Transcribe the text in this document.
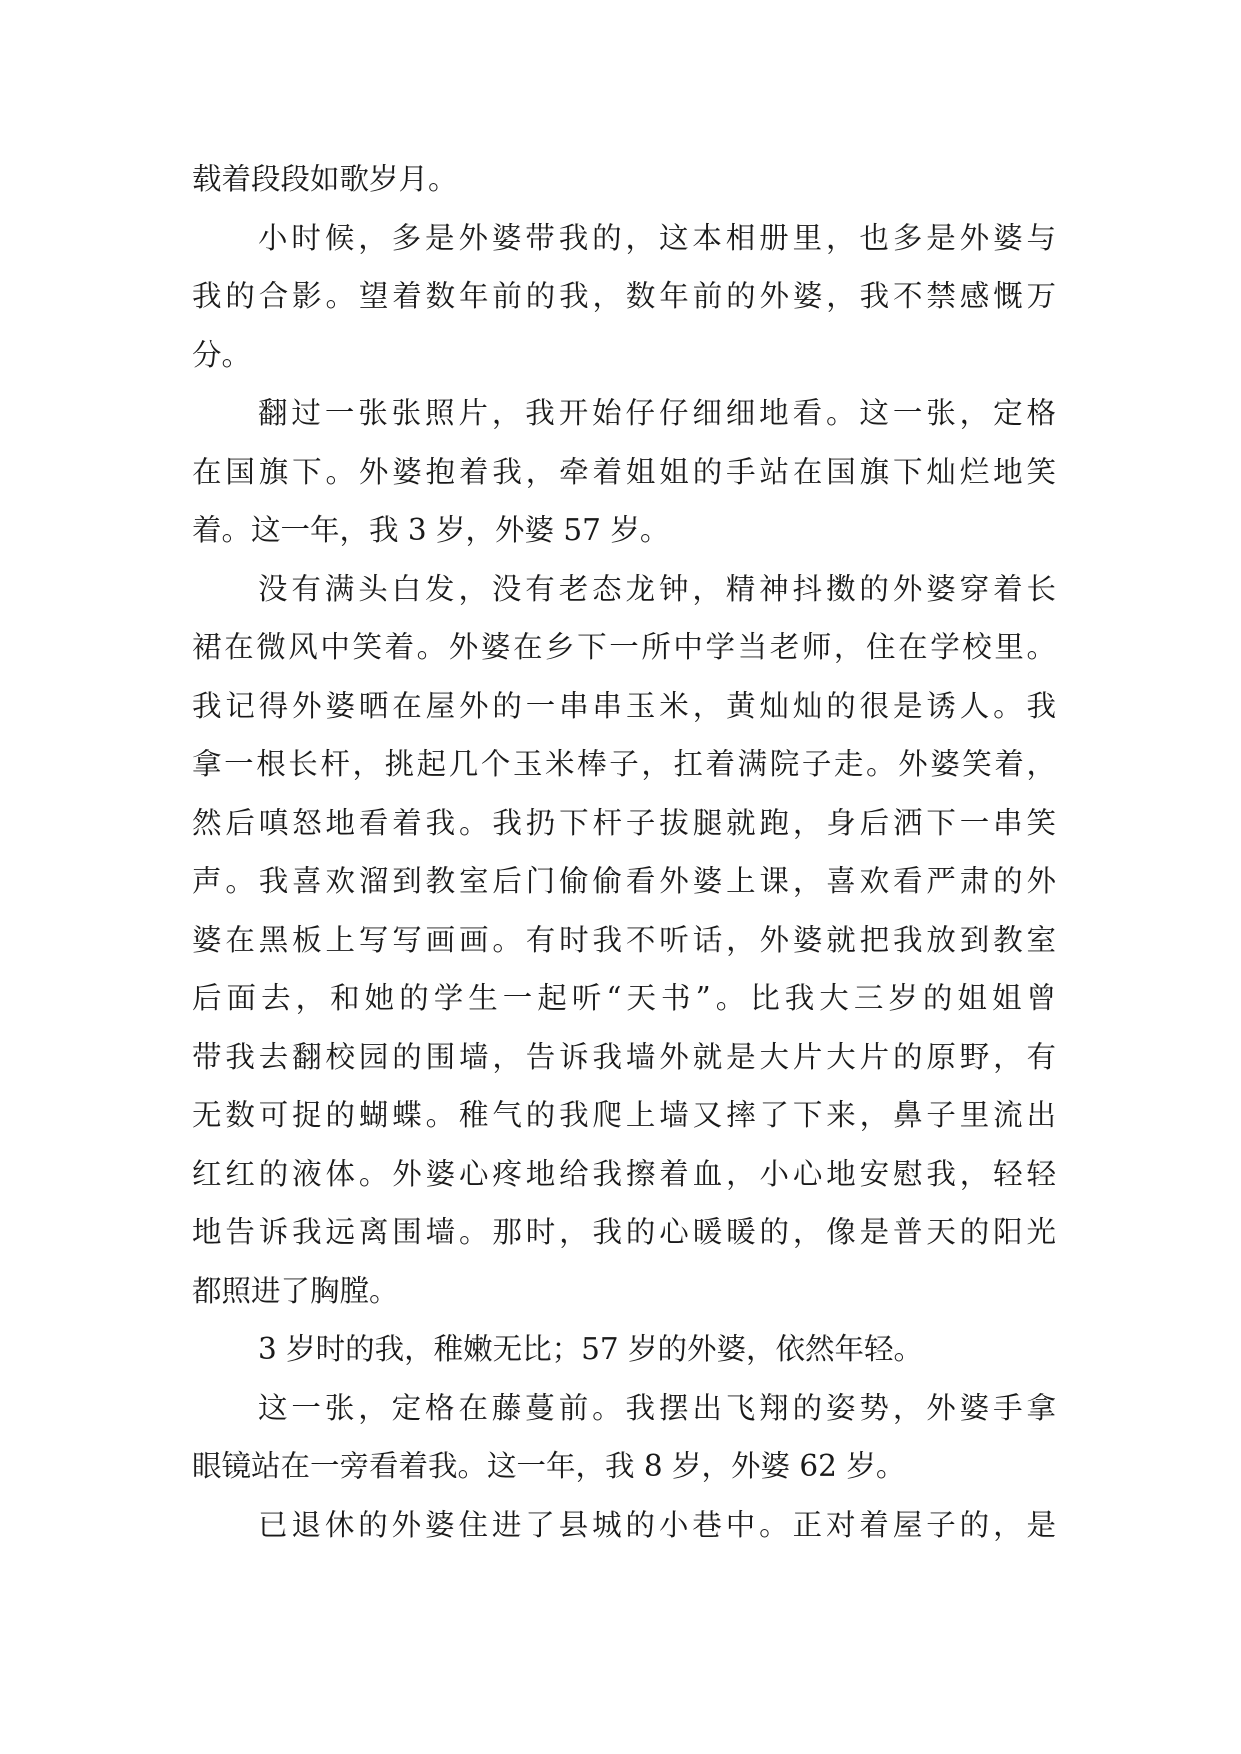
载着段段如歌岁月。
小时候，多是外婆带我的，这本相册里，也多是外婆与
我的合影。望着数年前的我，数年前的外婆，我不禁感慨万
分。
翻过一张张照片，我开始仔仔细细地看。这一张，定格
在国旗下。外婆抱着我，牵着姐姐的手站在国旗下灿烂地笑
着。这一年，我 3 岁，外婆 57 岁。
没有满头白发，没有老态龙钟，精神抖擞的外婆穿着长
裙在微风中笑着。外婆在乡下一所中学当老师，住在学校里。
我记得外婆晒在屋外的一串串玉米，黄灿灿的很是诱人。我
拿一根长杆，挑起几个玉米棒子，扛着满院子走。外婆笑着，
然后嗔怒地看着我。我扔下杆子拔腿就跑，身后洒下一串笑
声。我喜欢溜到教室后门偷偷看外婆上课，喜欢看严肃的外
婆在黑板上写写画画。有时我不听话，外婆就把我放到教室
后面去，和她的学生一起听“天书”。比我大三岁的姐姐曾
带我去翻校园的围墙，告诉我墙外就是大片大片的原野，有
无数可捉的蝴蝶。稚气的我爬上墙又摔了下来，鼻子里流出
红红的液体。外婆心疼地给我擦着血，小心地安慰我，轻轻
地告诉我远离围墙。那时，我的心暖暖的，像是普天的阳光
都照进了胸膛。
3 岁时的我，稚嫩无比；57 岁的外婆，依然年轻。
这一张，定格在藤蔓前。我摆出飞翔的姿势，外婆手拿
眼镜站在一旁看着我。这一年，我 8 岁，外婆 62 岁。
已退休的外婆住进了县城的小巷中。正对着屋子的，是
